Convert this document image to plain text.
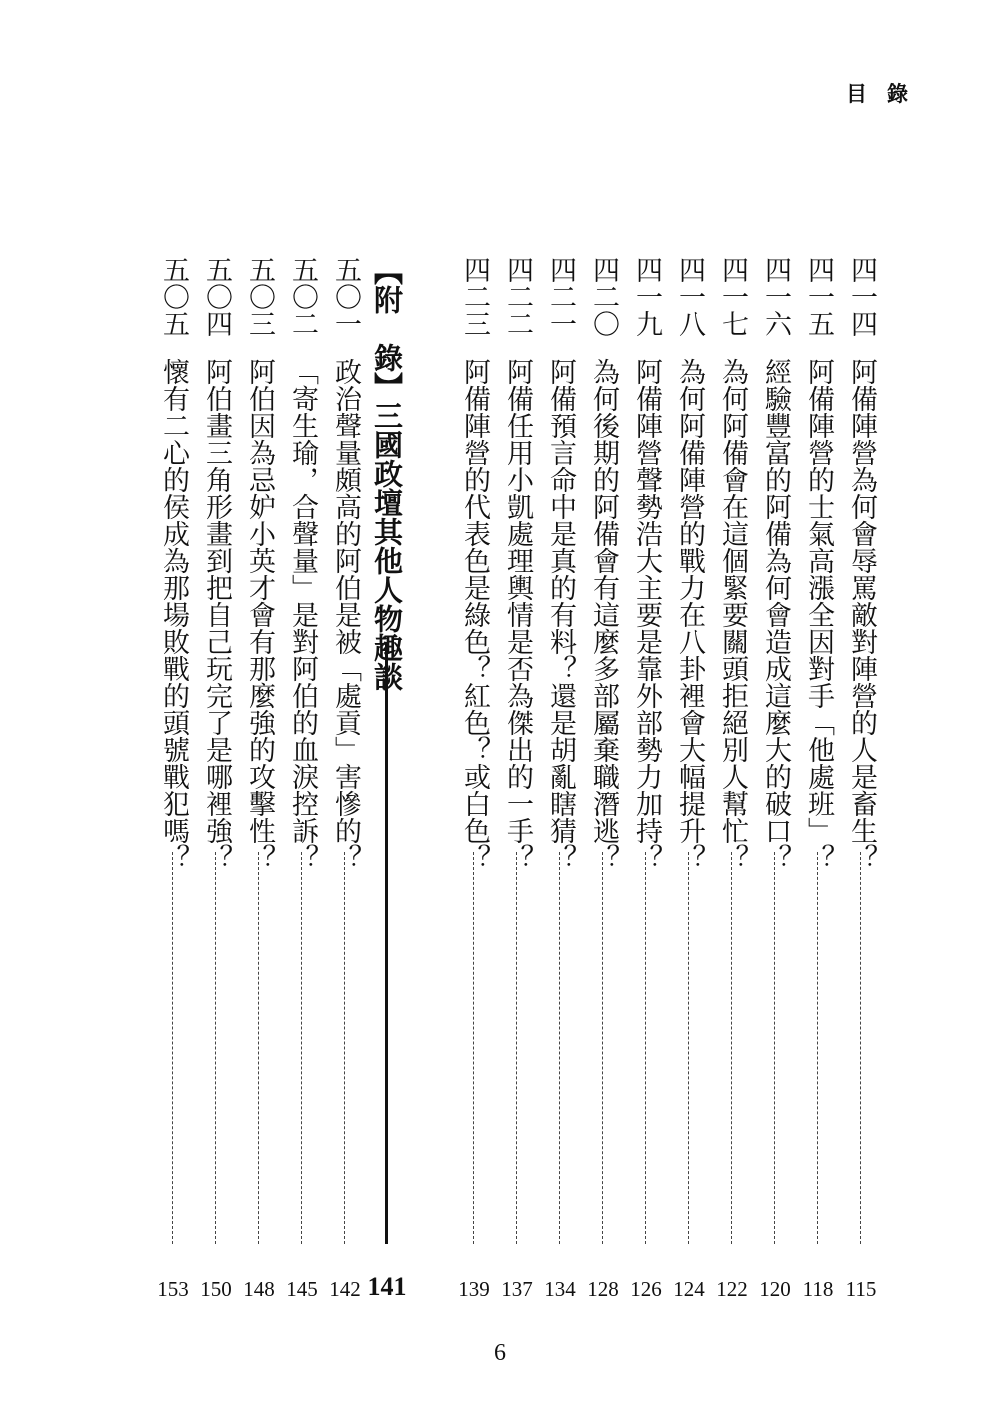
目錄
四一四
阿備陣營為何會辱罵敵對陣營的人是畜生？
115
四一五
阿備陣營的士氣高漲全因對手「他處班」？
118
四一六
經驗豐富的阿備為何會造成這麼大的破口？
120
四一七
為何阿備會在這個緊要關頭拒絕別人幫忙？
122
四一八
為何阿備陣營的戰力在八卦裡會大幅提升？
124
四一九
阿備陣營聲勢浩大主要是靠外部勢力加持？
126
四二〇
為何後期的阿備會有這麼多部屬棄職潛逃？
128
四二一
阿備預言命中是真的有料？還是胡亂瞎猜？
134
四二二
阿備任用小凱處理輿情是否為傑出的一手？
137
四二三
阿備陣營的代表色是綠色？紅色？或白色？
139
【附　錄】三國政壇其他人物趣談
141
五〇一
政治聲量頗高的阿伯是被「處貢」害慘的？
142
五〇二
「寄生瑜，合聲量」是對阿伯的血淚控訴？
145
五〇三
阿伯因為忌妒小英才會有那麼強的攻擊性？
148
五〇四
阿伯畫三角形畫到把自己玩完了是哪裡強？
150
五〇五
懷有二心的侯成為那場敗戰的頭號戰犯嗎？
153
6
